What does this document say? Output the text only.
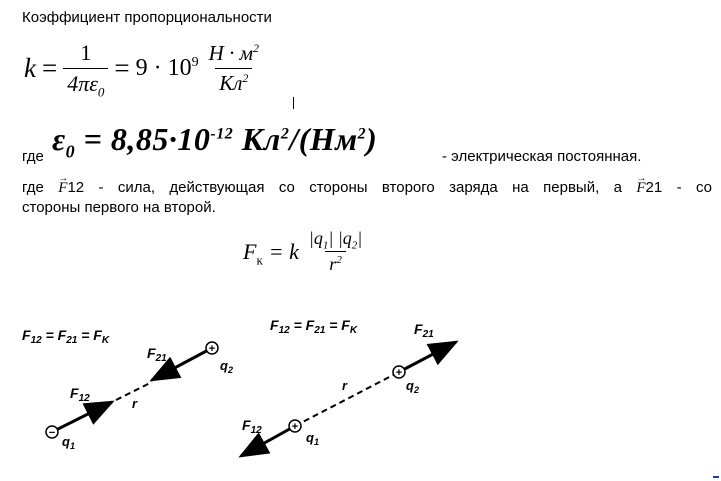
Коэффициент пропорциональности
$k = \frac{1}{4\pi\varepsilon_0} = 9 \cdot 10^9 \frac{Н \cdot м^2}{Кл^2}$
где $\varepsilon_0 = 8,85\cdot 10^{-12}$ $Кл^2/(Нм^2)$	- электрическая постоянная.
где → F12 - сила, действующая со стороны второго заряда на первый, а → F21 - со
стороны первого на второй.
$F_к = k \frac{|q_1| |q_2|}{r^2}$
$F_{12} = F_{21} = F_K$
−
+
$F_{12}$
$F_{21}$
r
$q_1$
$q_2$
$F_{12} = F_{21} = F_K$
+
+
$F_{12}$
$F_{21}$
r
$q_1$
$q_2$
